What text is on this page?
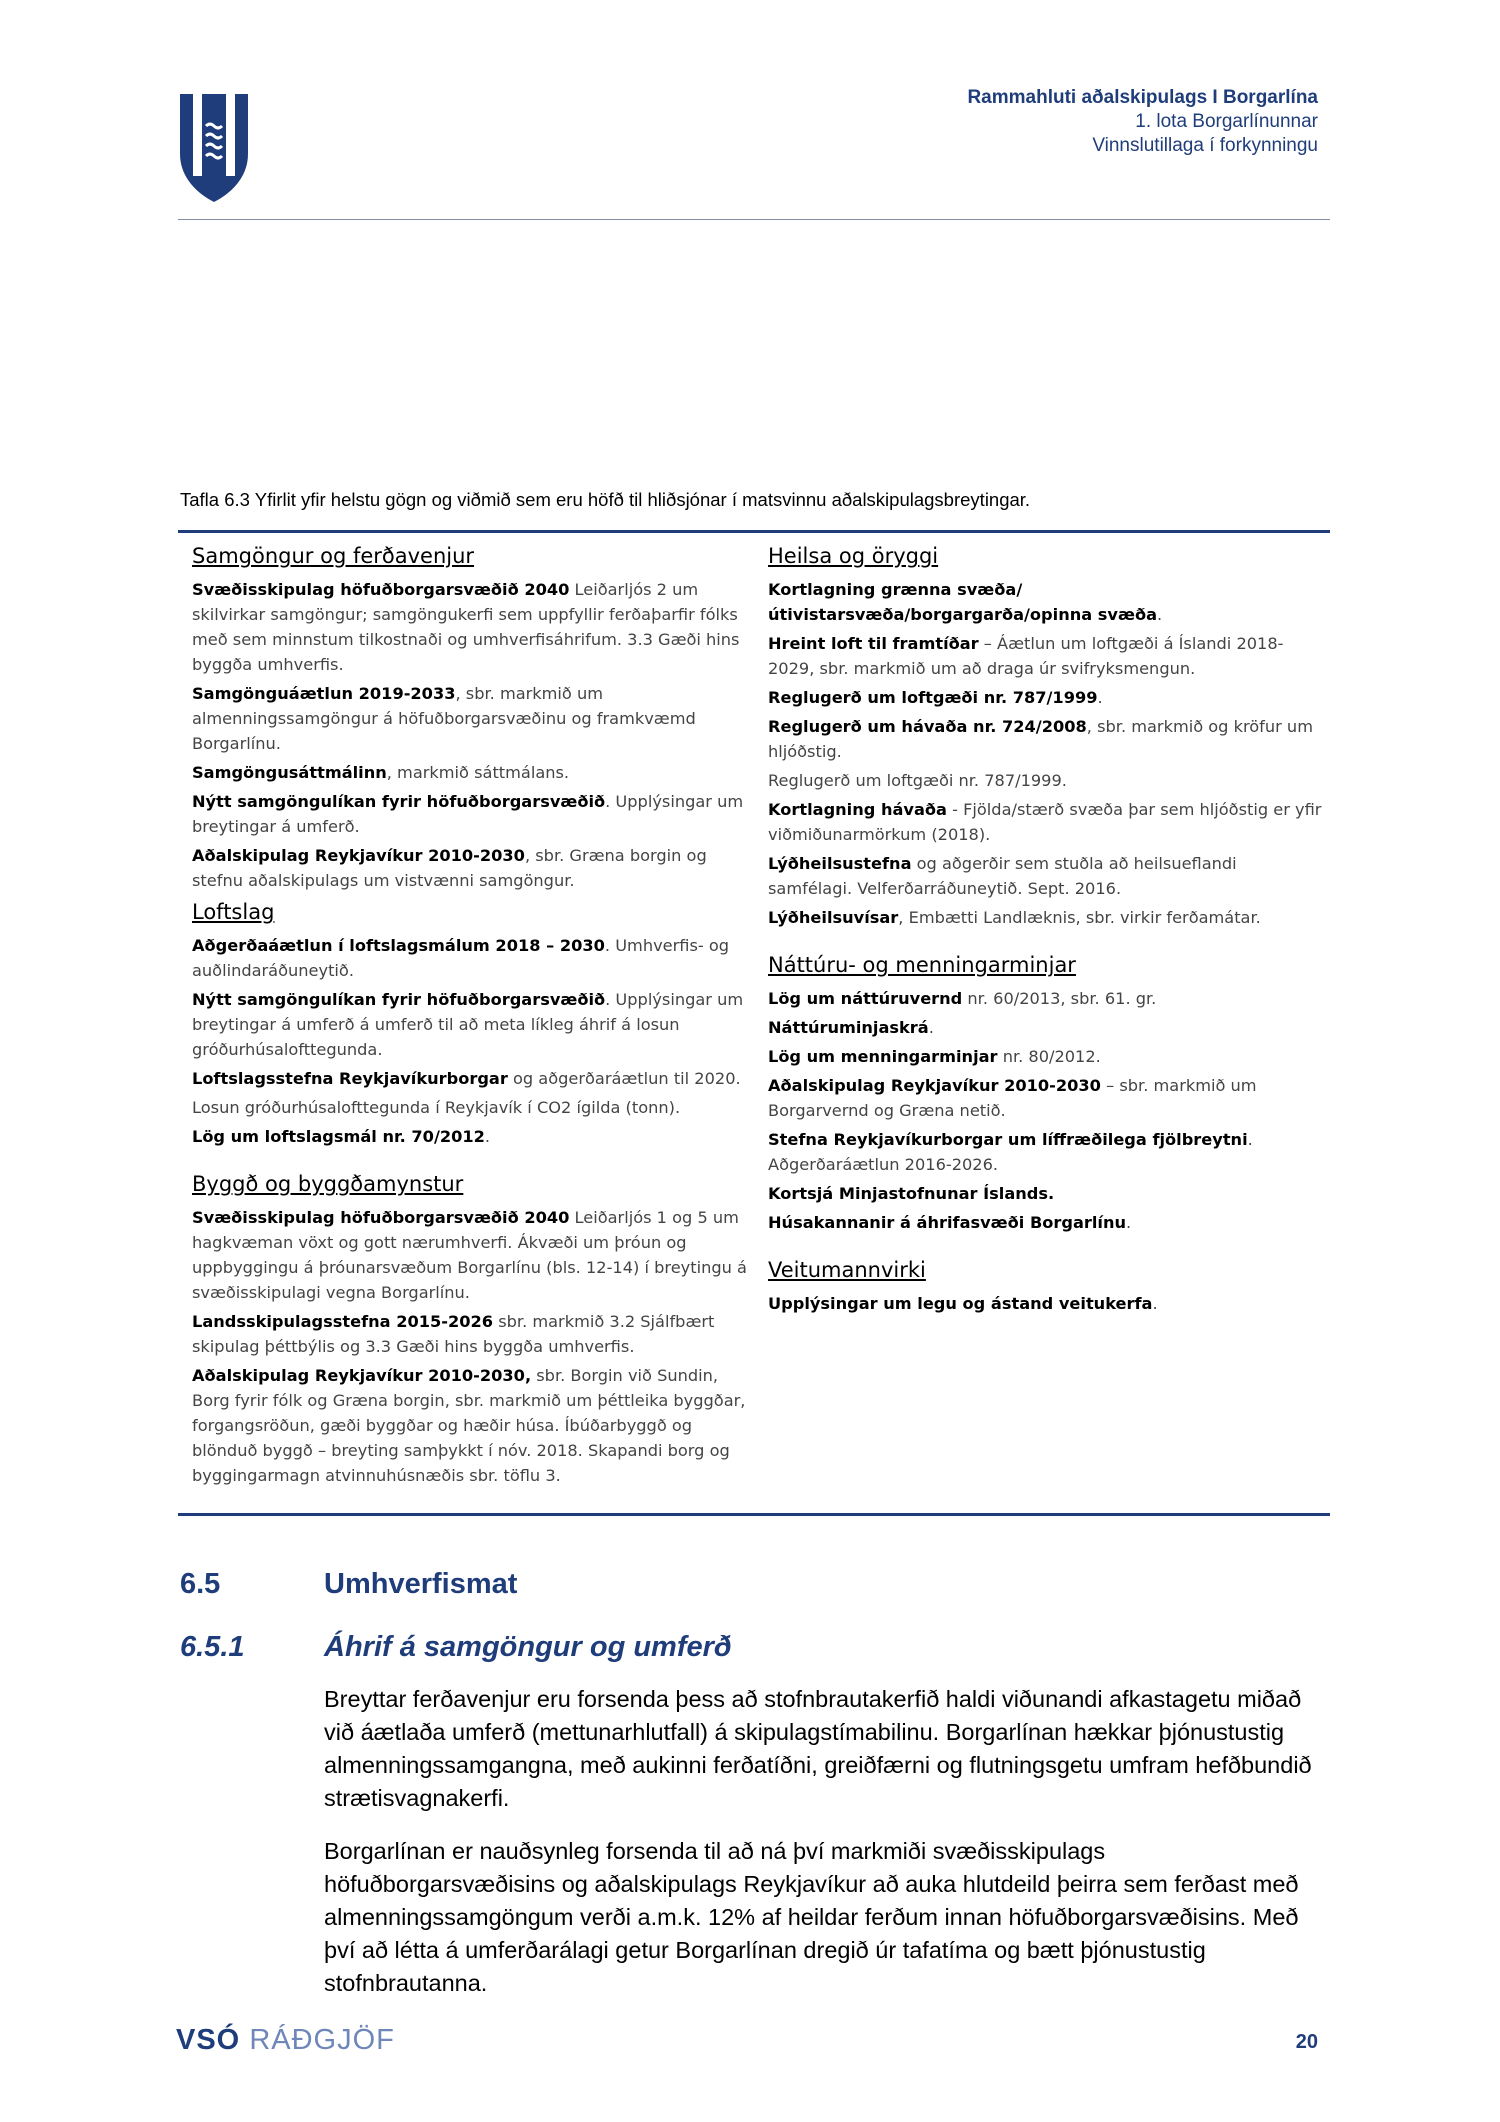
Rammahluti aðalskipulags I Borgarlína
1. lota Borgarlínunnar
Vinnslutillaga í forkynningu
Tafla 6.3 Yfirlit yfir helstu gögn og viðmið sem eru höfð til hliðsjónar í matsvinnu aðalskipulagsbreytingar.
Samgöngur og ferðavenjur
Svæðisskipulag höfuðborgarsvæðið 2040 Leiðarljós 2 um skilvirkar samgöngur; samgöngukerfi sem uppfyllir ferðaþarfir fólks með sem minnstum tilkostnaði og umhverfisáhrifum. 3.3 Gæði hins byggða umhverfis.
Samgönguáætlun 2019-2033, sbr. markmið um almenningssamgöngur á höfuðborgarsvæðinu og framkvæmd Borgarlínu.
Samgöngusáttmálinn, markmið sáttmálans.
Nýtt samgöngulíkan fyrir höfuðborgarsvæðið. Upplýsingar um breytingar á umferð.
Aðalskipulag Reykjavíkur 2010-2030, sbr. Græna borgin og stefnu aðalskipulags um vistvænni samgöngur.
Loftslag
Aðgerðaáætlun í loftslagsmálum 2018 – 2030. Umhverfis- og auðlindaráðuneytið.
Nýtt samgöngulíkan fyrir höfuðborgarsvæðið. Upplýsingar um breytingar á umferð á umferð til að meta líkleg áhrif á losun gróðurhúsalofttegunda.
Loftslagsstefna Reykjavíkurborgar og aðgerðaráætlun til 2020.
Losun gróðurhúsalofttegunda í Reykjavík í CO2 ígilda (tonn).
Lög um loftslagsmál nr. 70/2012.
Byggð og byggðamynstur
Svæðisskipulag höfuðborgarsvæðið 2040 Leiðarljós 1 og 5 um hagkvæman vöxt og gott nærumhverfi. Ákvæði um þróun og uppbyggingu á þróunarsvæðum Borgarlínu (bls. 12-14) í breytingu á svæðisskipulagi vegna Borgarlínu.
Landsskipulagsstefna 2015-2026 sbr. markmið 3.2 Sjálfbært skipulag þéttbýlis og 3.3 Gæði hins byggða umhverfis.
Aðalskipulag Reykjavíkur 2010-2030, sbr. Borgin við Sundin, Borg fyrir fólk og Græna borgin, sbr. markmið um þéttleika byggðar, forgangsröðun, gæði byggðar og hæðir húsa. Íbúðarbyggð og blönduð byggð – breyting samþykkt í nóv. 2018. Skapandi borg og byggingarmagn atvinnuhúsnæðis sbr. töflu 3.
Heilsa og öryggi
Kortlagning grænna svæða/útivistarsvæða/borgargarða/opinna svæða.
Hreint loft til framtíðar – Áætlun um loftgæði á Íslandi 2018-2029, sbr. markmið um að draga úr svifryksmengun.
Reglugerð um loftgæði nr. 787/1999.
Reglugerð um hávaða nr. 724/2008, sbr. markmið og kröfur um hljóðstig.
Reglugerð um loftgæði nr. 787/1999.
Kortlagning hávaða - Fjölda/stærð svæða þar sem hljóðstig er yfir viðmiðunarmörkum (2018).
Lýðheilsustefna og aðgerðir sem stuðla að heilsueflandi samfélagi. Velferðarráðuneytið. Sept. 2016.
Lýðheilsuvísar, Embætti Landlæknis, sbr. virkir ferðamátar.
Náttúru- og menningarminjar
Lög um náttúruvernd nr. 60/2013, sbr. 61. gr.
Náttúruminjaskrá.
Lög um menningarminjar nr. 80/2012.
Aðalskipulag Reykjavíkur 2010-2030 – sbr. markmið um Borgarvernd og Græna netið.
Stefna Reykjavíkurborgar um líffræðilega fjölbreytni. Aðgerðaráætlun 2016-2026.
Kortsjá Minjastofnunar Íslands.
Húsakannanir á áhrifasvæði Borgarlínu.
Veitumannvirki
Upplýsingar um legu og ástand veitukerfa.
6.5	Umhverfismat
6.5.1	Áhrif á samgöngur og umferð
Breyttar ferðavenjur eru forsenda þess að stofnbrautakerfið haldi viðunandi afkastagetu miðað við áætlaða umferð (mettunarhlutfall) á skipulagstímabilinu. Borgarlínan hækkar þjónustustig almenningssamgangna, með aukinni ferðatíðni, greiðfærni og flutningsgetu umfram hefðbundið strætisvagnakerfi.
Borgarlínan er nauðsynleg forsenda til að ná því markmiði svæðisskipulags höfuðborgarsvæðisins og aðalskipulags Reykjavíkur að auka hlutdeild þeirra sem ferðast með almenningssamgöngum verði a.m.k. 12% af heildar ferðum innan höfuðborgarsvæðisins. Með því að létta á umferðarálagi getur Borgarlínan dregið úr tafatíma og bætt þjónustustig stofnbrautanna.
VSÓ RÁÐGJÖF	20
